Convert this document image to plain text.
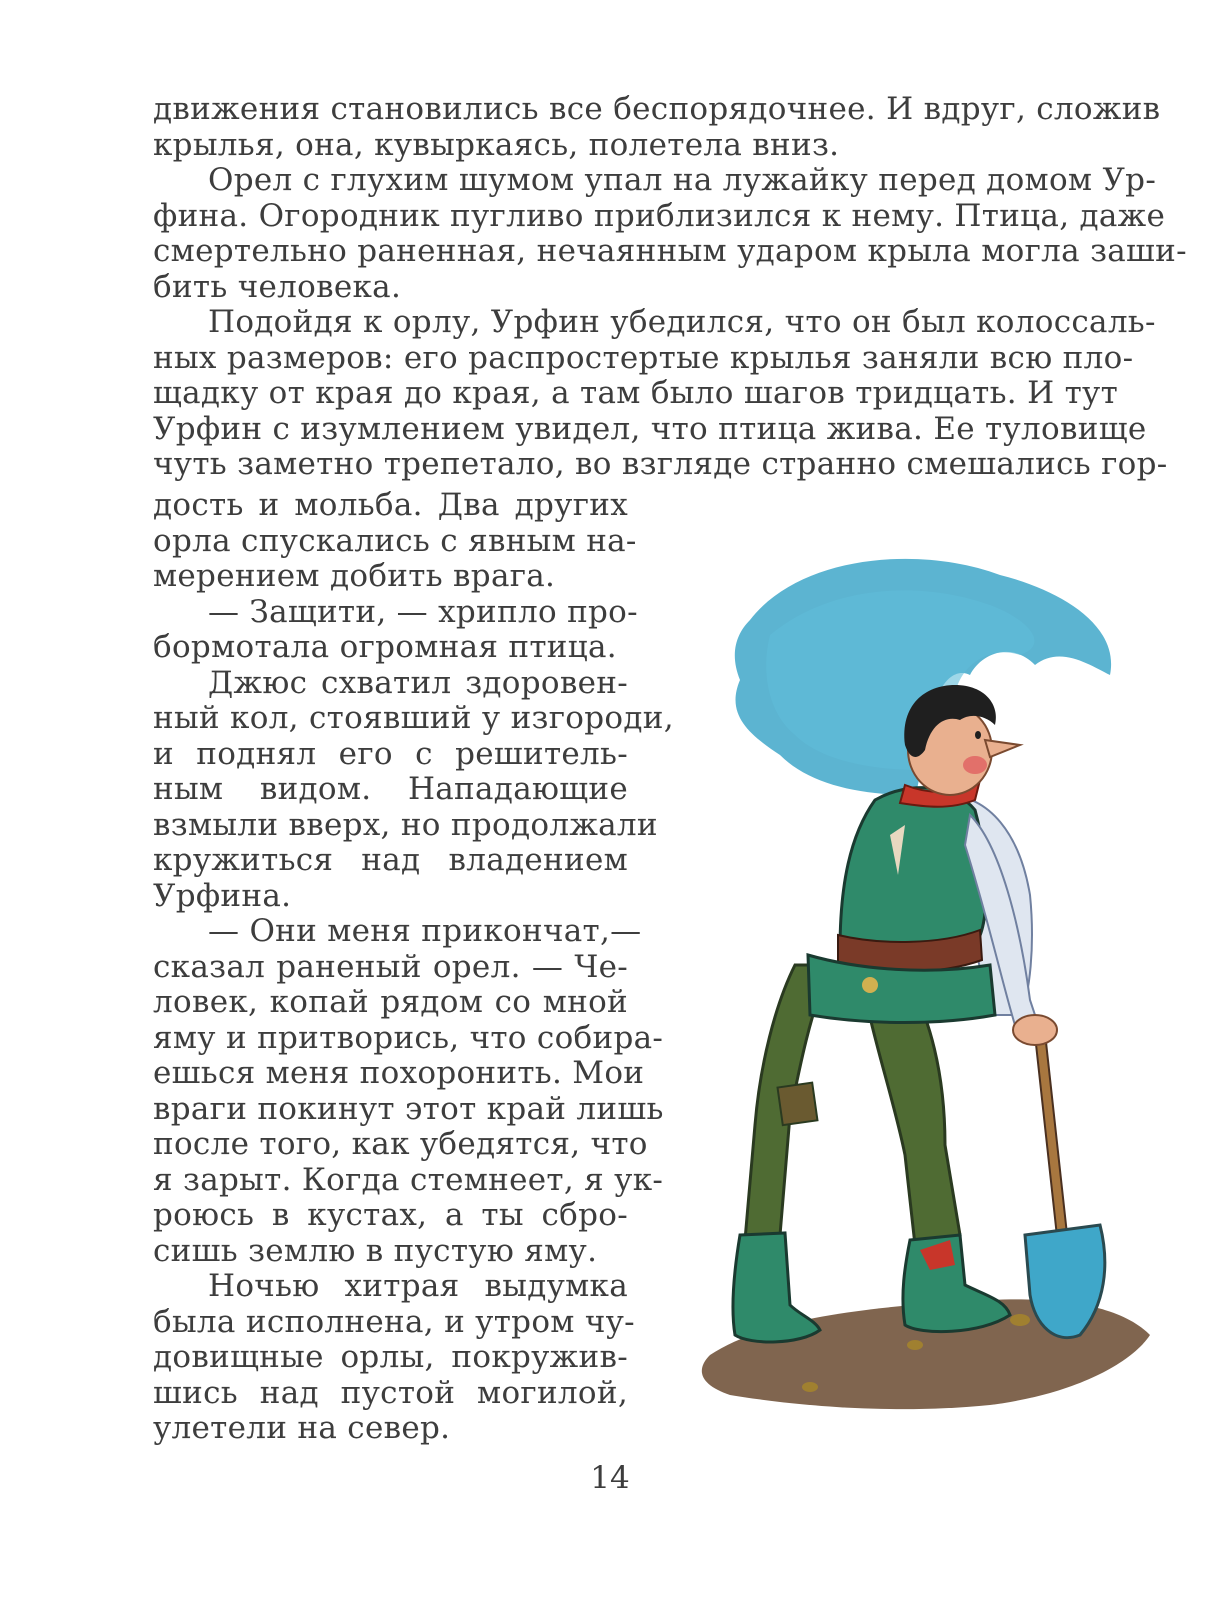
движения становились все беспорядочнее. И вдруг, сложив
крылья, она, кувыркаясь, полетела вниз.
Орел с глухим шумом упал на лужайку перед домом Ур-
фина. Огородник пугливо приблизился к нему. Птица, даже
смертельно раненная, нечаянным ударом крыла могла заши-
бить человека.
Подойдя к орлу, Урфин убедился, что он был колоссаль-
ных размеров: его распростертые крылья заняли всю пло-
щадку от края до края, а там было шагов тридцать. И тут
Урфин с изумлением увидел, что птица жива. Ее туловище
чуть заметно трепетало, во взгляде странно смешались гор-
дость и мольба. Два других
орла спускались с явным на-
мерением добить врага.
— Защити, — хрипло про-
бормотала огромная птица.
Джюс схватил здоровен-
ный кол, стоявший у изгороди,
и поднял его с решитель-
ным видом. Нападающие
взмыли вверх, но продолжали
кружиться над владением
Урфина.
— Они меня прикончат,—
сказал раненый орел. — Че-
ловек, копай рядом со мной
яму и притворись, что собира-
ешься меня похоронить. Мои
враги покинут этот край лишь
после того, как убедятся, что
я зарыт. Когда стемнеет, я ук-
роюсь в кустах, а ты сбро-
сишь землю в пустую яму.
Ночью хитрая выдумка
была исполнена, и утром чу-
довищные орлы, покружив-
шись над пустой могилой,
улетели на север.
14
